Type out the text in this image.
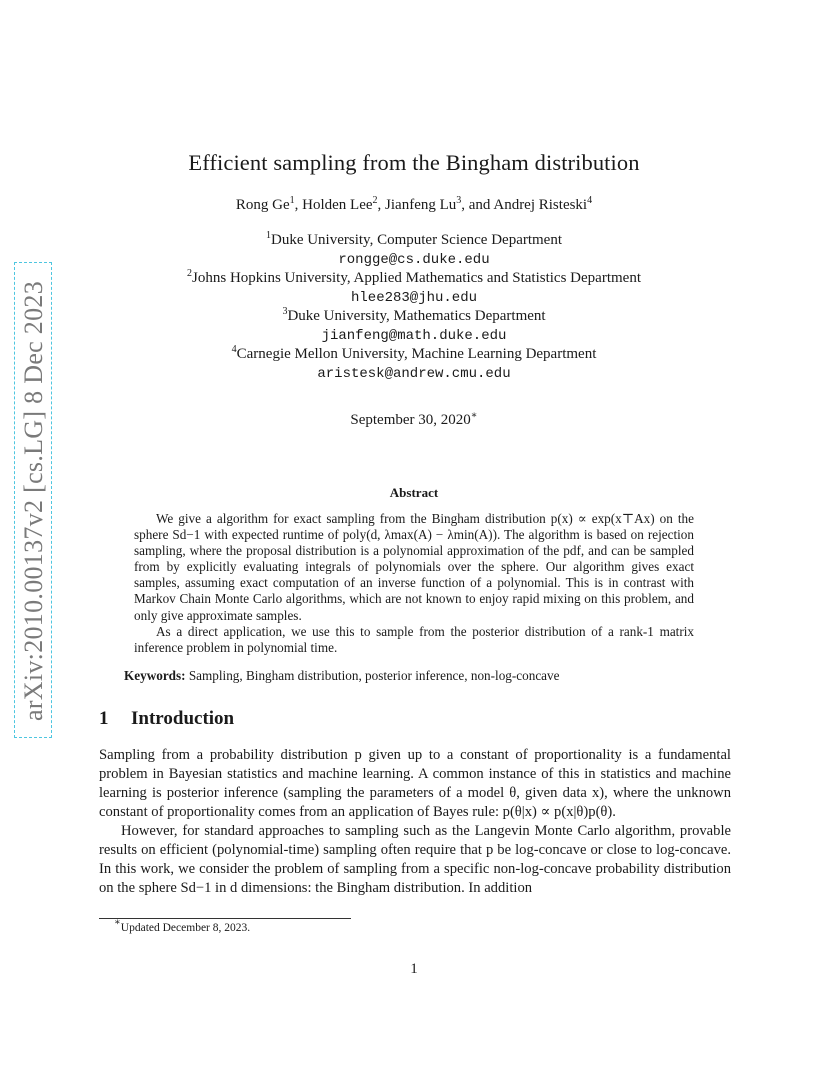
arXiv:2010.00137v2 [cs.LG] 8 Dec 2023
Efficient sampling from the Bingham distribution
Rong Ge$^1$, Holden Lee$^2$, Jianfeng Lu$^3$, and Andrej Risteski$^4$
$^1$Duke University, Computer Science Department
rongge@cs.duke.edu
$^2$Johns Hopkins University, Applied Mathematics and Statistics Department
hlee283@jhu.edu
$^3$Duke University, Mathematics Department
jianfeng@math.duke.edu
$^4$Carnegie Mellon University, Machine Learning Department
aristesk@andrew.cmu.edu
September 30, 2020∗
Abstract

We give a algorithm for exact sampling from the Bingham distribution p(x) ∝ exp(x⊤Ax) on the sphere Sd−1 with expected runtime of poly(d, λmax(A) − λmin(A)). The algorithm is based on rejection sampling, where the proposal distribution is a polynomial approximation of the pdf, and can be sampled from by explicitly evaluating integrals of polynomials over the sphere. Our algorithm gives exact samples, assuming exact computation of an inverse function of a polynomial. This is in contrast with Markov Chain Monte Carlo algorithms, which are not known to enjoy rapid mixing on this problem, and only give approximate samples.

As a direct application, we use this to sample from the posterior distribution of a rank-1 matrix inference problem in polynomial time.

Keywords: Sampling, Bingham distribution, posterior inference, non-log-concave
1 Introduction

Sampling from a probability distribution p given up to a constant of proportionality is a fundamental problem in Bayesian statistics and machine learning. A common instance of this in statistics and machine learning is posterior inference (sampling the parameters of a model θ, given data x), where the unknown constant of proportionality comes from an application of Bayes rule: p(θ|x) ∝ p(x|θ)p(θ).

However, for standard approaches to sampling such as the Langevin Monte Carlo algorithm, provable results on efficient (polynomial-time) sampling often require that p be log-concave or close to log-concave. In this work, we consider the problem of sampling from a specific non-log-concave probability distribution on the sphere Sd−1 in d dimensions: the Bingham distribution. In addition

∗Updated December 8, 2023.
1
